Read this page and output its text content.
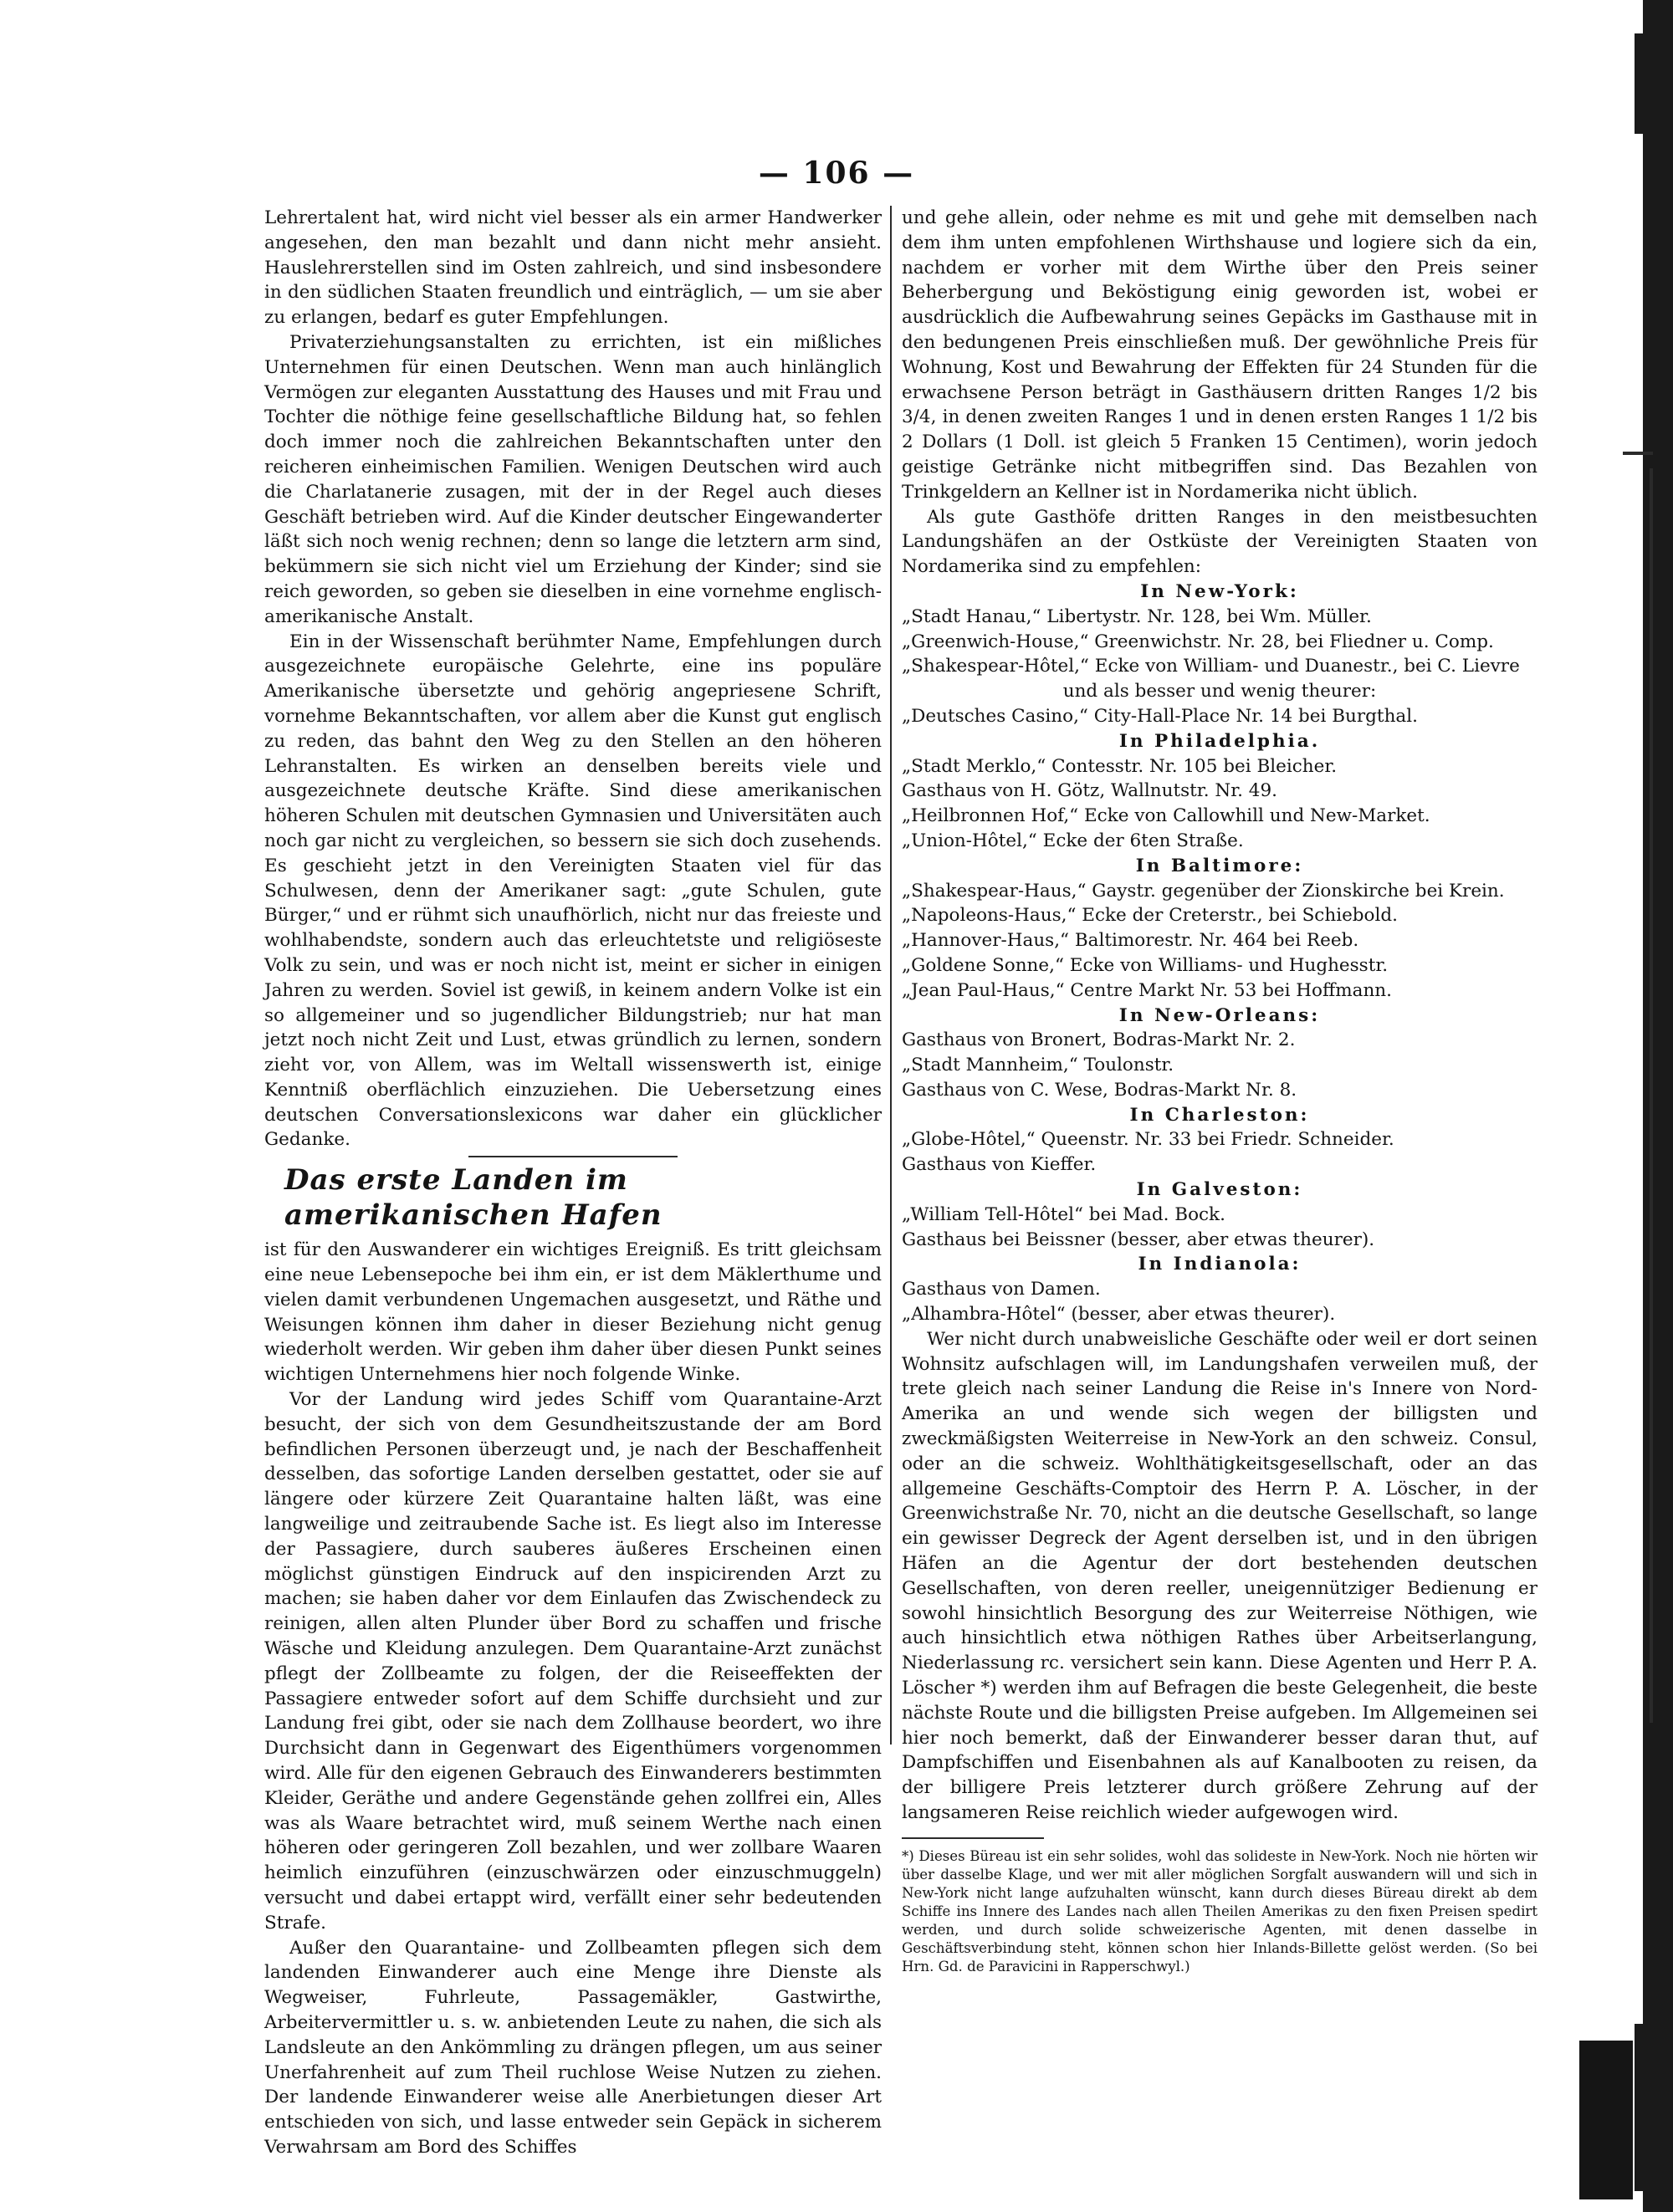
— 106 —

Lehrertalent hat, wird nicht viel besser als ein armer Handwerker angesehen, den man bezahlt und dann nicht mehr ansieht. Hauslehrerstellen sind im Osten zahlreich, und sind insbesondere in den südlichen Staaten freundlich und einträglich, — um sie aber zu erlangen, bedarf es guter Empfehlungen.

Privaterziehungsanstalten zu errichten, ist ein mißliches Unternehmen für einen Deutschen. Wenn man auch hinlänglich Vermögen zur eleganten Ausstattung des Hauses und mit Frau und Tochter die nöthige feine gesellschaftliche Bildung hat, so fehlen doch immer noch die zahlreichen Bekanntschaften unter den reicheren einheimischen Familien. Wenigen Deutschen wird auch die Charlatanerie zusagen, mit der in der Regel auch dieses Geschäft betrieben wird. Auf die Kinder deutscher Eingewanderter läßt sich noch wenig rechnen; denn so lange die letztern arm sind, bekümmern sie sich nicht viel um Erziehung der Kinder; sind sie reich geworden, so geben sie dieselben in eine vornehme englisch-amerikanische Anstalt.

Ein in der Wissenschaft berühmter Name, Empfehlungen durch ausgezeichnete europäische Gelehrte, eine ins populäre Amerikanische übersetzte und gehörig angepriesene Schrift, vornehme Bekanntschaften, vor allem aber die Kunst gut englisch zu reden, das bahnt den Weg zu den Stellen an den höheren Lehranstalten. Es wirken an denselben bereits viele und ausgezeichnete deutsche Kräfte. Sind diese amerikanischen höheren Schulen mit deutschen Gymnasien und Universitäten auch noch gar nicht zu vergleichen, so bessern sie sich doch zusehends. Es geschieht jetzt in den Vereinigten Staaten viel für das Schulwesen, denn der Amerikaner sagt: „gute Schulen, gute Bürger,“ und er rühmt sich unaufhörlich, nicht nur das freieste und wohlhabendste, sondern auch das erleuchtetste und religiöseste Volk zu sein, und was er noch nicht ist, meint er sicher in einigen Jahren zu werden. Soviel ist gewiß, in keinem andern Volke ist ein so allgemeiner und so jugendlicher Bildungstrieb; nur hat man jetzt noch nicht Zeit und Lust, etwas gründlich zu lernen, sondern zieht vor, von Allem, was im Weltall wissenswerth ist, einige Kenntniß oberflächlich einzuziehen. Die Uebersetzung eines deutschen Conversationslexicons war daher ein glücklicher Gedanke.

Das erste Landen im amerikanischen Hafen

ist für den Auswanderer ein wichtiges Ereigniß. Es tritt gleichsam eine neue Lebensepoche bei ihm ein, er ist dem Mäklerthume und vielen damit verbundenen Ungemachen ausgesetzt, und Räthe und Weisungen können ihm daher in dieser Beziehung nicht genug wiederholt werden. Wir geben ihm daher über diesen Punkt seines wichtigen Unternehmens hier noch folgende Winke.

Vor der Landung wird jedes Schiff vom Quarantaine-Arzt besucht, der sich von dem Gesundheitszustande der am Bord befindlichen Personen überzeugt und, je nach der Beschaffenheit desselben, das sofortige Landen derselben gestattet, oder sie auf längere oder kürzere Zeit Quarantaine halten läßt, was eine langweilige und zeitraubende Sache ist. Es liegt also im Interesse der Passagiere, durch sauberes äußeres Erscheinen einen möglichst günstigen Eindruck auf den inspicirenden Arzt zu machen; sie haben daher vor dem Einlaufen das Zwischendeck zu reinigen, allen alten Plunder über Bord zu schaffen und frische Wäsche und Kleidung anzulegen. Dem Quarantaine-Arzt zunächst pflegt der Zollbeamte zu folgen, der die Reiseeffekten der Passagiere entweder sofort auf dem Schiffe durchsieht und zur Landung frei gibt, oder sie nach dem Zollhause beordert, wo ihre Durchsicht dann in Gegenwart des Eigenthümers vorgenommen wird. Alle für den eigenen Gebrauch des Einwanderers bestimmten Kleider, Geräthe und andere Gegenstände gehen zollfrei ein, Alles was als Waare betrachtet wird, muß seinem Werthe nach einen höheren oder geringeren Zoll bezahlen, und wer zollbare Waaren heimlich einzuführen (einzuschwärzen oder einzuschmuggeln) versucht und dabei ertappt wird, verfällt einer sehr bedeutenden Strafe.

Außer den Quarantaine- und Zollbeamten pflegen sich dem landenden Einwanderer auch eine Menge ihre Dienste als Wegweiser, Fuhrleute, Passagemäkler, Gastwirthe, Arbeitervermittler u. s. w. anbietenden Leute zu nahen, die sich als Landsleute an den Ankömmling zu drängen pflegen, um aus seiner Unerfahrenheit auf zum Theil ruchlose Weise Nutzen zu ziehen. Der landende Einwanderer weise alle Anerbietungen dieser Art entschieden von sich, und lasse entweder sein Gepäck in sicherem Verwahrsam am Bord des Schiffes

und gehe allein, oder nehme es mit und gehe mit demselben nach dem ihm unten empfohlenen Wirthshause und logiere sich da ein, nachdem er vorher mit dem Wirthe über den Preis seiner Beherbergung und Beköstigung einig geworden ist, wobei er ausdrücklich die Aufbewahrung seines Gepäcks im Gasthause mit in den bedungenen Preis einschließen muß. Der gewöhnliche Preis für Wohnung, Kost und Bewahrung der Effekten für 24 Stunden für die erwachsene Person beträgt in Gasthäusern dritten Ranges 1/2 bis 3/4, in denen zweiten Ranges 1 und in denen ersten Ranges 1 1/2 bis 2 Dollars (1 Doll. ist gleich 5 Franken 15 Centimen), worin jedoch geistige Getränke nicht mitbegriffen sind. Das Bezahlen von Trinkgeldern an Kellner ist in Nordamerika nicht üblich.

Als gute Gasthöfe dritten Ranges in den meistbesuchten Landungshäfen an der Ostküste der Vereinigten Staaten von Nordamerika sind zu empfehlen:

In New-York:

„Stadt Hanau,“ Libertystr. Nr. 128, bei Wm. Müller.

„Greenwich-House,“ Greenwichstr. Nr. 28, bei Fliedner u. Comp.

„Shakespear-Hôtel,“ Ecke von William- und Duanestr., bei C. Lievre

und als besser und wenig theurer:

„Deutsches Casino,“ City-Hall-Place Nr. 14 bei Burgthal.

In Philadelphia.

„Stadt Merklo,“ Contesstr. Nr. 105 bei Bleicher.

Gasthaus von H. Götz, Wallnutstr. Nr. 49.

„Heilbronnen Hof,“ Ecke von Callowhill und New-Market.

„Union-Hôtel,“ Ecke der 6ten Straße.

In Baltimore:

„Shakespear-Haus,“ Gaystr. gegenüber der Zionskirche bei Krein.

„Napoleons-Haus,“ Ecke der Creterstr., bei Schiebold.

„Hannover-Haus,“ Baltimorestr. Nr. 464 bei Reeb.

„Goldene Sonne,“ Ecke von Williams- und Hughesstr.

„Jean Paul-Haus,“ Centre Markt Nr. 53 bei Hoffmann.

In New-Orleans:

Gasthaus von Bronert, Bodras-Markt Nr. 2.

„Stadt Mannheim,“ Toulonstr.

Gasthaus von C. Wese, Bodras-Markt Nr. 8.

In Charleston:

„Globe-Hôtel,“ Queenstr. Nr. 33 bei Friedr. Schneider.

Gasthaus von Kieffer.

In Galveston:

„William Tell-Hôtel“ bei Mad. Bock.

Gasthaus bei Beissner (besser, aber etwas theurer).

In Indianola:

Gasthaus von Damen.

„Alhambra-Hôtel“ (besser, aber etwas theurer).

Wer nicht durch unabweisliche Geschäfte oder weil er dort seinen Wohnsitz aufschlagen will, im Landungshafen verweilen muß, der trete gleich nach seiner Landung die Reise in's Innere von Nord-Amerika an und wende sich wegen der billigsten und zweckmäßigsten Weiterreise in New-York an den schweiz. Consul, oder an die schweiz. Wohlthätigkeitsgesellschaft, oder an das allgemeine Geschäfts-Comptoir des Herrn P. A. Löscher, in der Greenwichstraße Nr. 70, nicht an die deutsche Gesellschaft, so lange ein gewisser Degreck der Agent derselben ist, und in den übrigen Häfen an die Agentur der dort bestehenden deutschen Gesellschaften, von deren reeller, uneigennütziger Bedienung er sowohl hinsichtlich Besorgung des zur Weiterreise Nöthigen, wie auch hinsichtlich etwa nöthigen Rathes über Arbeitserlangung, Niederlassung rc. versichert sein kann. Diese Agenten und Herr P. A. Löscher *) werden ihm auf Befragen die beste Gelegenheit, die beste nächste Route und die billigsten Preise aufgeben. Im Allgemeinen sei hier noch bemerkt, daß der Einwanderer besser daran thut, auf Dampfschiffen und Eisenbahnen als auf Kanalbooten zu reisen, da der billigere Preis letzterer durch größere Zehrung auf der langsameren Reise reichlich wieder aufgewogen wird.

*) Dieses Büreau ist ein sehr solides, wohl das solideste in New-York. Noch nie hörten wir über dasselbe Klage, und wer mit aller möglichen Sorgfalt auswandern will und sich in New-York nicht lange aufzuhalten wünscht, kann durch dieses Büreau direkt ab dem Schiffe ins Innere des Landes nach allen Theilen Amerikas zu den fixen Preisen spedirt werden, und durch solide schweizerische Agenten, mit denen dasselbe in Geschäftsverbindung steht, können schon hier Inlands-Billette gelöst werden. (So bei Hrn. Gd. de Paravicini in Rapperschwyl.)
